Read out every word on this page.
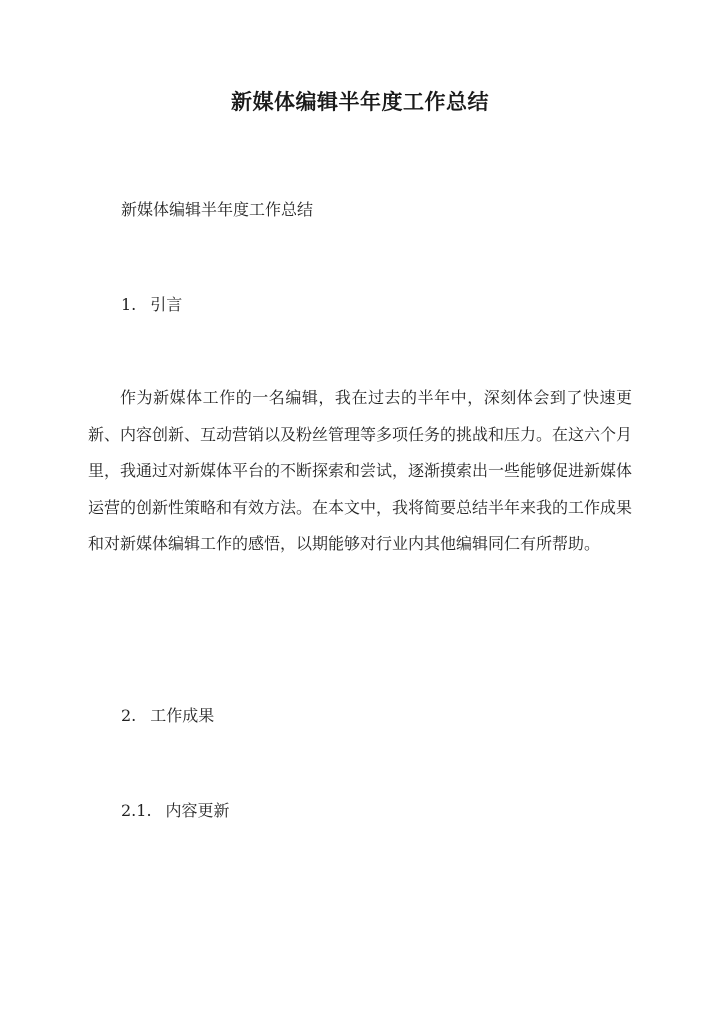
新媒体编辑半年度工作总结
新媒体编辑半年度工作总结
1. 引言

作为新媒体工作的一名编辑，我在过去的半年中，深刻体会到了快速更新、内容创新、互动营销以及粉丝管理等多项任务的挑战和压力。在这六个月里，我通过对新媒体平台的不断探索和尝试，逐渐摸索出一些能够促进新媒体运营的创新性策略和有效方法。在本文中，我将简要总结半年来我的工作成果和对新媒体编辑工作的感悟，以期能够对行业内其他编辑同仁有所帮助。

2. 工作成果
2.1. 内容更新
